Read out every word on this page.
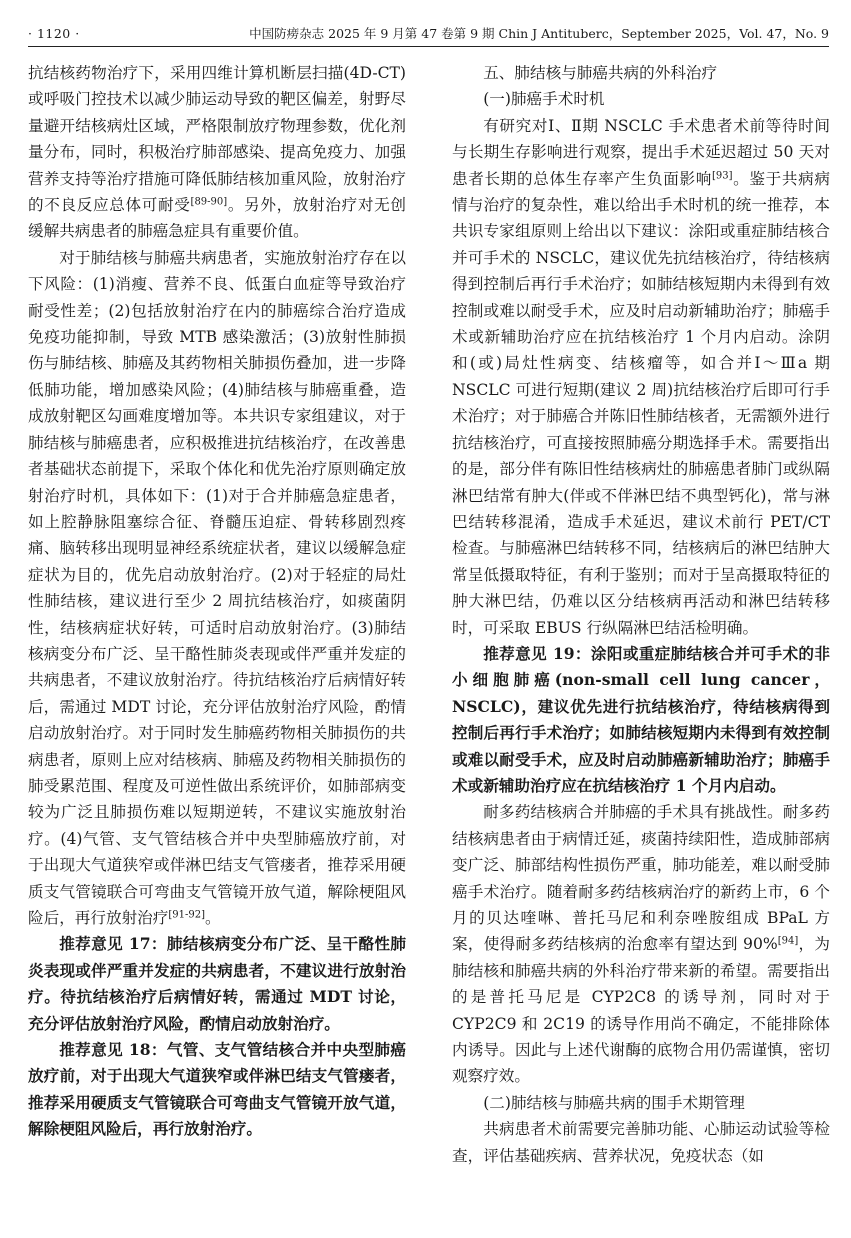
· 1120 ·	中国防痨杂志 2025 年 9 月第 47 卷第 9 期 Chin J Antituberc，September 2025，Vol. 47，No. 9

抗结核药物治疗下，采用四维计算机断层扫描(4D-CT)或呼吸门控技术以减少肺运动导致的靶区偏差，射野尽量避开结核病灶区域，严格限制放疗物理参数，优化剂量分布，同时，积极治疗肺部感染、提高免疫力、加强营养支持等治疗措施可降低肺结核加重风险，放射治疗的不良反应总体可耐受[89-90]。另外，放射治疗对无创缓解共病患者的肺癌急症具有重要价值。

对于肺结核与肺癌共病患者，实施放射治疗存在以下风险：(1)消瘦、营养不良、低蛋白血症等导致治疗耐受性差；(2)包括放射治疗在内的肺癌综合治疗造成免疫功能抑制，导致 MTB 感染激活；(3)放射性肺损伤与肺结核、肺癌及其药物相关肺损伤叠加，进一步降低肺功能，增加感染风险；(4)肺结核与肺癌重叠，造成放射靶区勾画难度增加等。本共识专家组建议，对于肺结核与肺癌患者，应积极推进抗结核治疗，在改善患者基础状态前提下，采取个体化和优先治疗原则确定放射治疗时机，具体如下：(1)对于合并肺癌急症患者，如上腔静脉阻塞综合征、脊髓压迫症、骨转移剧烈疼痛、脑转移出现明显神经系统症状者，建议以缓解急症症状为目的，优先启动放射治疗。(2)对于轻症的局灶性肺结核，建议进行至少 2 周抗结核治疗，如痰菌阴性，结核病症状好转，可适时启动放射治疗。(3)肺结核病变分布广泛、呈干酪性肺炎表现或伴严重并发症的共病患者，不建议放射治疗。待抗结核治疗后病情好转后，需通过 MDT 讨论，充分评估放射治疗风险，酌情启动放射治疗。对于同时发生肺癌药物相关肺损伤的共病患者，原则上应对结核病、肺癌及药物相关肺损伤的肺受累范围、程度及可逆性做出系统评价，如肺部病变较为广泛且肺损伤难以短期逆转，不建议实施放射治疗。(4)气管、支气管结核合并中央型肺癌放疗前，对于出现大气道狭窄或伴淋巴结支气管瘘者，推荐采用硬质支气管镜联合可弯曲支气管镜开放气道，解除梗阻风险后，再行放射治疗[91-92]。

推荐意见 17：肺结核病变分布广泛、呈干酪性肺炎表现或伴严重并发症的共病患者，不建议进行放射治疗。待抗结核治疗后病情好转，需通过 MDT 讨论，充分评估放射治疗风险，酌情启动放射治疗。

推荐意见 18：气管、支气管结核合并中央型肺癌放疗前，对于出现大气道狭窄或伴淋巴结支气管瘘者，推荐采用硬质支气管镜联合可弯曲支气管镜开放气道，解除梗阻风险后，再行放射治疗。

五、肺结核与肺癌共病的外科治疗

(一)肺癌手术时机

有研究对Ⅰ、Ⅱ期 NSCLC 手术患者术前等待时间与长期生存影响进行观察，提出手术延迟超过 50 天对患者长期的总体生存率产生负面影响[93]。鉴于共病病情与治疗的复杂性，难以给出手术时机的统一推荐，本共识专家组原则上给出以下建议：涂阳或重症肺结核合并可手术的 NSCLC，建议优先抗结核治疗，待结核病得到控制后再行手术治疗；如肺结核短期内未得到有效控制或难以耐受手术，应及时启动新辅助治疗；肺癌手术或新辅助治疗应在抗结核治疗 1 个月内启动。涂阴和(或)局灶性病变、结核瘤等，如合并Ⅰ～Ⅲa 期 NSCLC 可进行短期(建议 2 周)抗结核治疗后即可行手术治疗；对于肺癌合并陈旧性肺结核者，无需额外进行抗结核治疗，可直接按照肺癌分期选择手术。需要指出的是，部分伴有陈旧性结核病灶的肺癌患者肺门或纵隔淋巴结常有肿大(伴或不伴淋巴结不典型钙化)，常与淋巴结转移混淆，造成手术延迟，建议术前行 PET/CT 检查。与肺癌淋巴结转移不同，结核病后的淋巴结肿大常呈低摄取特征，有利于鉴别；而对于呈高摄取特征的肿大淋巴结，仍难以区分结核病再活动和淋巴结转移时，可采取 EBUS 行纵隔淋巴结活检明确。

推荐意见 19：涂阳或重症肺结核合并可手术的非小细胞肺癌(non-small cell lung cancer，NSCLC)，建议优先进行抗结核治疗，待结核病得到控制后再行手术治疗；如肺结核短期内未得到有效控制或难以耐受手术，应及时启动肺癌新辅助治疗；肺癌手术或新辅助治疗应在抗结核治疗 1 个月内启动。

耐多药结核病合并肺癌的手术具有挑战性。耐多药结核病患者由于病情迁延，痰菌持续阳性，造成肺部病变广泛、肺部结构性损伤严重，肺功能差，难以耐受肺癌手术治疗。随着耐多药结核病治疗的新药上市，6 个月的贝达喹啉、普托马尼和利奈唑胺组成 BPaL 方案，使得耐多药结核病的治愈率有望达到 90%[94]，为肺结核和肺癌共病的外科治疗带来新的希望。需要指出的是普托马尼是 CYP2C8 的诱导剂，同时对于 CYP2C9 和 2C19 的诱导作用尚不确定，不能排除体内诱导。因此与上述代谢酶的底物合用仍需谨慎，密切观察疗效。

(二)肺结核与肺癌共病的围手术期管理

共病患者术前需要完善肺功能、心肺运动试验等检查，评估基础疾病、营养状况，免疫状态（如
